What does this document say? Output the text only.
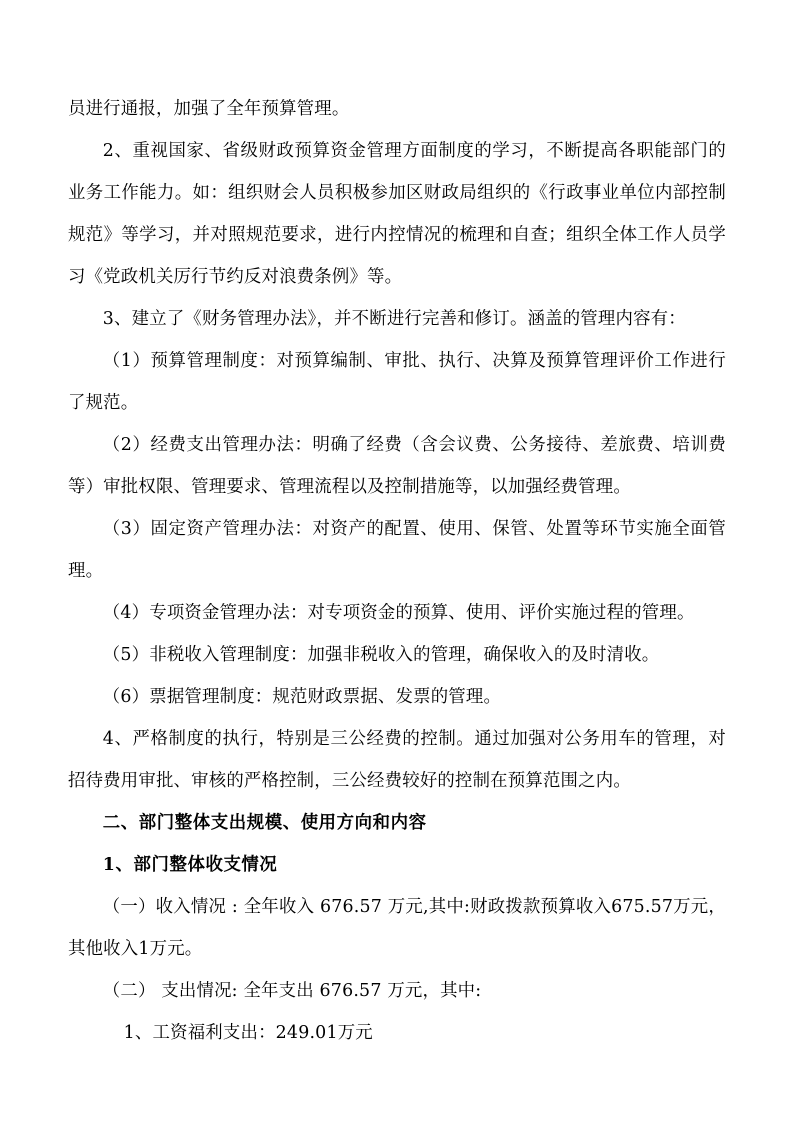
员进行通报，加强了全年预算管理。

2、重视国家、省级财政预算资金管理方面制度的学习，不断提高各职能部门的业务工作能力。如：组织财会人员积极参加区财政局组织的《行政事业单位内部控制规范》等学习，并对照规范要求，进行内控情况的梳理和自查；组织全体工作人员学习《党政机关厉行节约反对浪费条例》等。

3、建立了《财务管理办法》，并不断进行完善和修订。涵盖的管理内容有：

（1）预算管理制度：对预算编制、审批、执行、决算及预算管理评价工作进行了规范。

（2）经费支出管理办法：明确了经费（含会议费、公务接待、差旅费、培训费等）审批权限、管理要求、管理流程以及控制措施等，以加强经费管理。

（3）固定资产管理办法：对资产的配置、使用、保管、处置等环节实施全面管理。

（4）专项资金管理办法：对专项资金的预算、使用、评价实施过程的管理。

（5）非税收入管理制度：加强非税收入的管理，确保收入的及时清收。

（6）票据管理制度：规范财政票据、发票的管理。

4、严格制度的执行，特别是三公经费的控制。通过加强对公务用车的管理，对招待费用审批、审核的严格控制，三公经费较好的控制在预算范围之内。

二、部门整体支出规模、使用方向和内容

1、部门整体收支情况

（一）收入情况 : 全年收入 676.57 万元,其中:财政拨款预算收入675.57万元，其他收入1万元。

（二） 支出情况: 全年支出 676.57 万元，其中:

1、工资福利支出：249.01万元
